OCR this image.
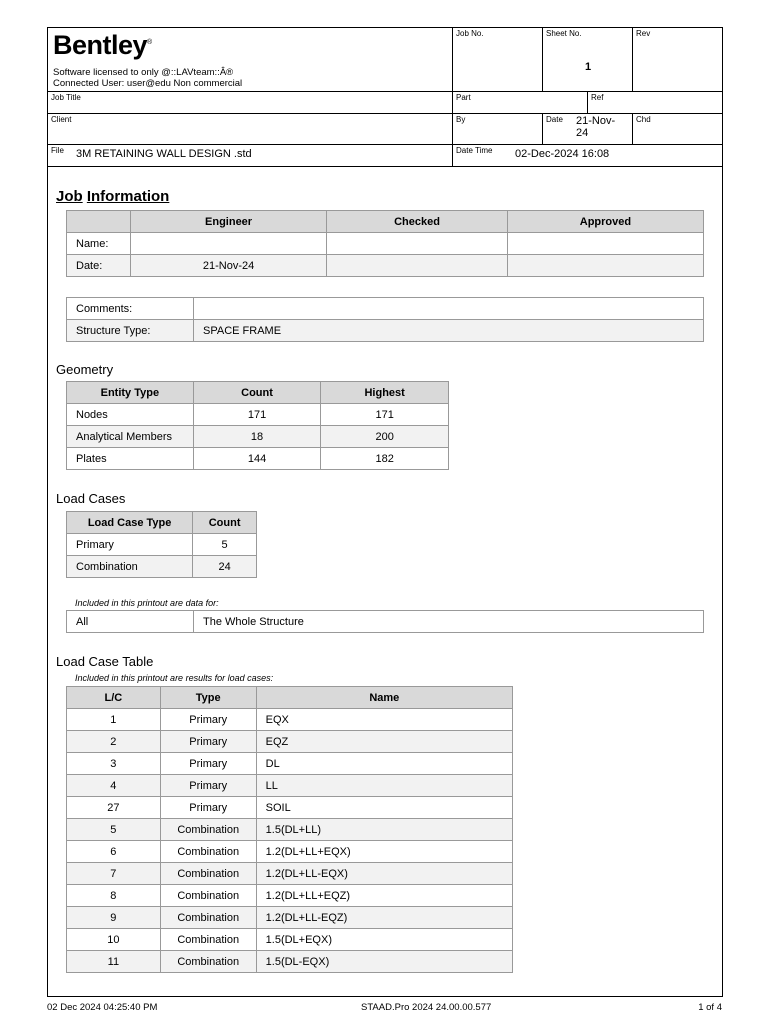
Bentley®
Software licensed to only @::LAVteam::Â®
Connected User: user@edu Non commercial
Job No.	Sheet No.
1
Rev
Job Title	Part	Ref
Client	By	Date 21-Nov-
24
Chd
File 3M RETAINING WALL DESIGN .std	Date Time 02-Dec-2024 16:08
Job Information
	Engineer	Checked	Approved
Name:			
Date:	21-Nov-24		
Comments:	
Structure Type:	SPACE FRAME
Geometry
Entity Type	Count	Highest
Nodes	171	171
Analytical Members	18	200
Plates	144	182
Load Cases
Load Case Type	Count
Primary	5
Combination	24
Included in this printout are data for:
All	The Whole Structure
Load Case Table
Included in this printout are results for load cases:
L/C	Type	Name
1	Primary	EQX
2	Primary	EQZ
3	Primary	DL
4	Primary	LL
27	Primary	SOIL
5	Combination	1.5(DL+LL)
6	Combination	1.2(DL+LL+EQX)
7	Combination	1.2(DL+LL-EQX)
8	Combination	1.2(DL+LL+EQZ)
9	Combination	1.2(DL+LL-EQZ)
10	Combination	1.5(DL+EQX)
11	Combination	1.5(DL-EQX)
02 Dec 2024 04:25:40 PM	STAAD.Pro 2024 24.00.00.577	1 of 4
